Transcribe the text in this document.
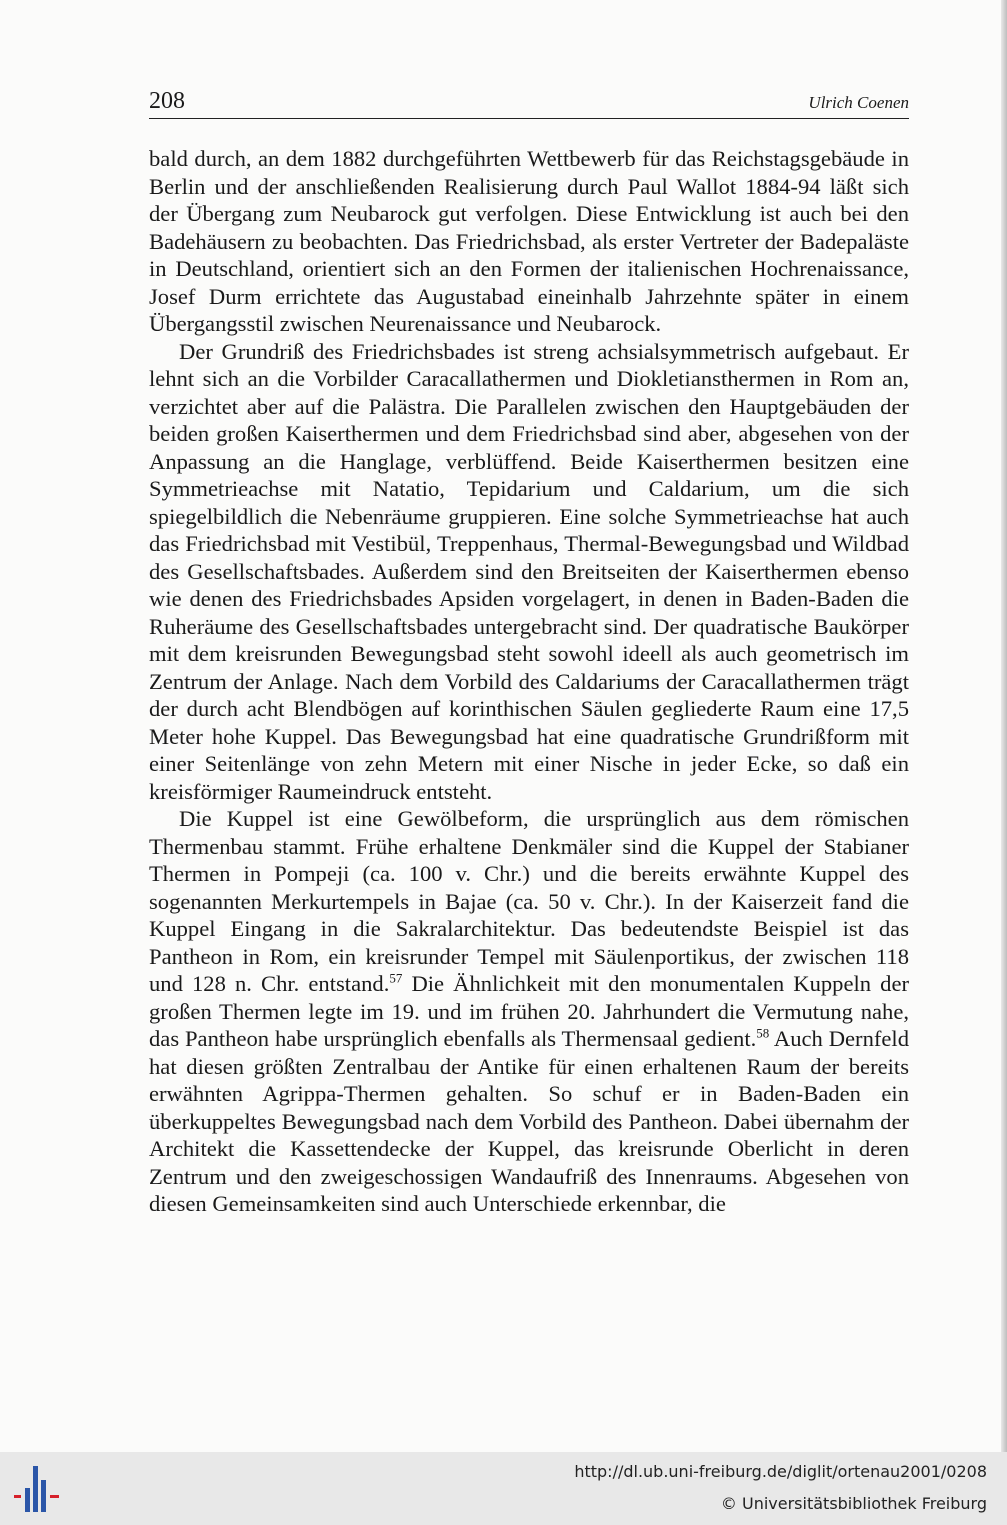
208	Ulrich Coenen

bald durch, an dem 1882 durchgeführten Wettbewerb für das Reichstagsgebäude in Berlin und der anschließenden Realisierung durch Paul Wallot 1884-94 läßt sich der Übergang zum Neubarock gut verfolgen. Diese Entwicklung ist auch bei den Badehäusern zu beobachten. Das Friedrichsbad, als erster Vertreter der Badepaläste in Deutschland, orientiert sich an den Formen der italienischen Hochrenaissance, Josef Durm errichtete das Augustabad eineinhalb Jahrzehnte später in einem Übergangsstil zwischen Neurenaissance und Neubarock.

Der Grundriß des Friedrichsbades ist streng achsialsymmetrisch aufgebaut. Er lehnt sich an die Vorbilder Caracallathermen und Diokletiansthermen in Rom an, verzichtet aber auf die Palästra. Die Parallelen zwischen den Hauptgebäuden der beiden großen Kaiserthermen und dem Friedrichsbad sind aber, abgesehen von der Anpassung an die Hanglage, verblüffend. Beide Kaiserthermen besitzen eine Symmetrieachse mit Natatio, Tepidarium und Caldarium, um die sich spiegelbildlich die Nebenräume gruppieren. Eine solche Symmetrieachse hat auch das Friedrichsbad mit Vestibül, Treppenhaus, Thermal-Bewegungsbad und Wildbad des Gesellschaftsbades. Außerdem sind den Breitseiten der Kaiserthermen ebenso wie denen des Friedrichsbades Apsiden vorgelagert, in denen in Baden-Baden die Ruheräume des Gesellschaftsbades untergebracht sind. Der quadratische Baukörper mit dem kreisrunden Bewegungsbad steht sowohl ideell als auch geometrisch im Zentrum der Anlage. Nach dem Vorbild des Caldariums der Caracallathermen trägt der durch acht Blendbögen auf korinthischen Säulen gegliederte Raum eine 17,5 Meter hohe Kuppel. Das Bewegungsbad hat eine quadratische Grundrißform mit einer Seitenlänge von zehn Metern mit einer Nische in jeder Ecke, so daß ein kreisförmiger Raumeindruck entsteht.

Die Kuppel ist eine Gewölbeform, die ursprünglich aus dem römischen Thermenbau stammt. Frühe erhaltene Denkmäler sind die Kuppel der Stabianer Thermen in Pompeji (ca. 100 v. Chr.) und die bereits erwähnte Kuppel des sogenannten Merkurtempels in Bajae (ca. 50 v. Chr.). In der Kaiserzeit fand die Kuppel Eingang in die Sakralarchitektur. Das bedeutendste Beispiel ist das Pantheon in Rom, ein kreisrunder Tempel mit Säulenportikus, der zwischen 118 und 128 n. Chr. entstand.$^{57}$ Die Ähnlichkeit mit den monumentalen Kuppeln der großen Thermen legte im 19. und im frühen 20. Jahrhundert die Vermutung nahe, das Pantheon habe ursprünglich ebenfalls als Thermensaal gedient.$^{58}$ Auch Dernfeld hat diesen größten Zentralbau der Antike für einen erhaltenen Raum der bereits erwähnten Agrippa-Thermen gehalten. So schuf er in Baden-Baden ein überkuppeltes Bewegungsbad nach dem Vorbild des Pantheon. Dabei übernahm der Architekt die Kassettendecke der Kuppel, das kreisrunde Oberlicht in deren Zentrum und den zweigeschossigen Wandaufriß des Innenraums. Abgesehen von diesen Gemeinsamkeiten sind auch Unterschiede erkennbar, die

http://dl.ub.uni-freiburg.de/diglit/ortenau2001/0208
© Universitätsbibliothek Freiburg
